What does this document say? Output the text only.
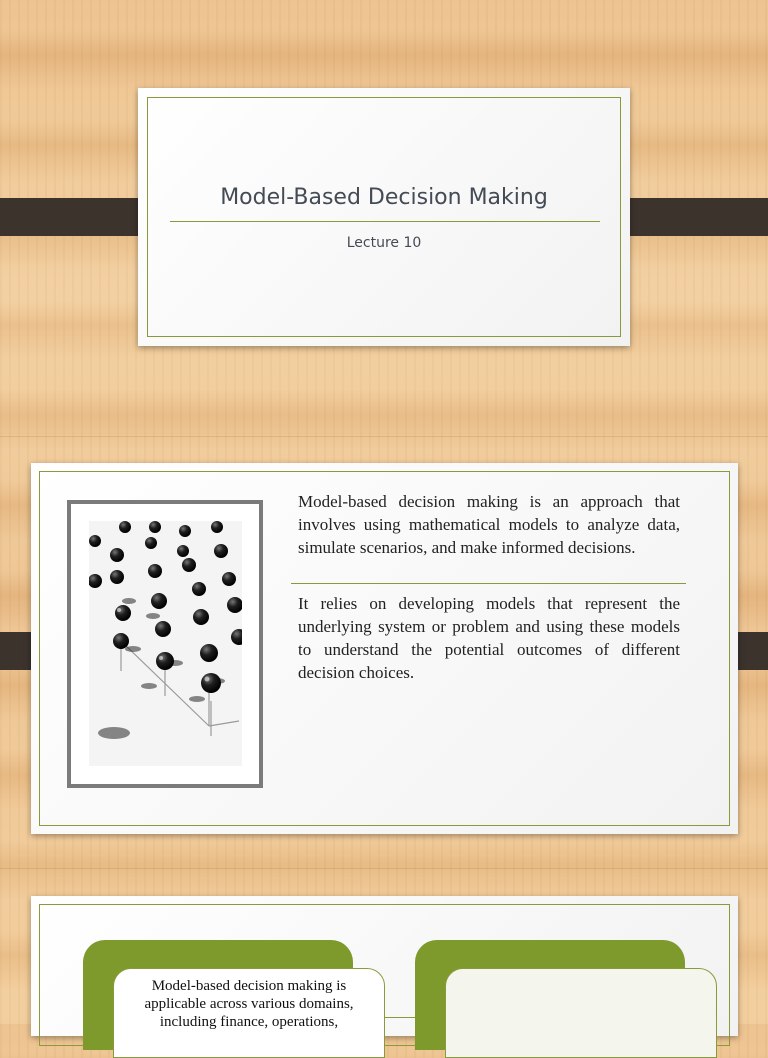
Model-Based Decision Making
Lecture 10
Model-based decision making is an approach that involves using mathematical models to analyze data, simulate scenarios, and make informed decisions.
It relies on developing models that represent the underlying system or problem and using these models to understand the potential outcomes of different decision choices.
Model-based decision making is applicable across various domains, including finance, operations,
